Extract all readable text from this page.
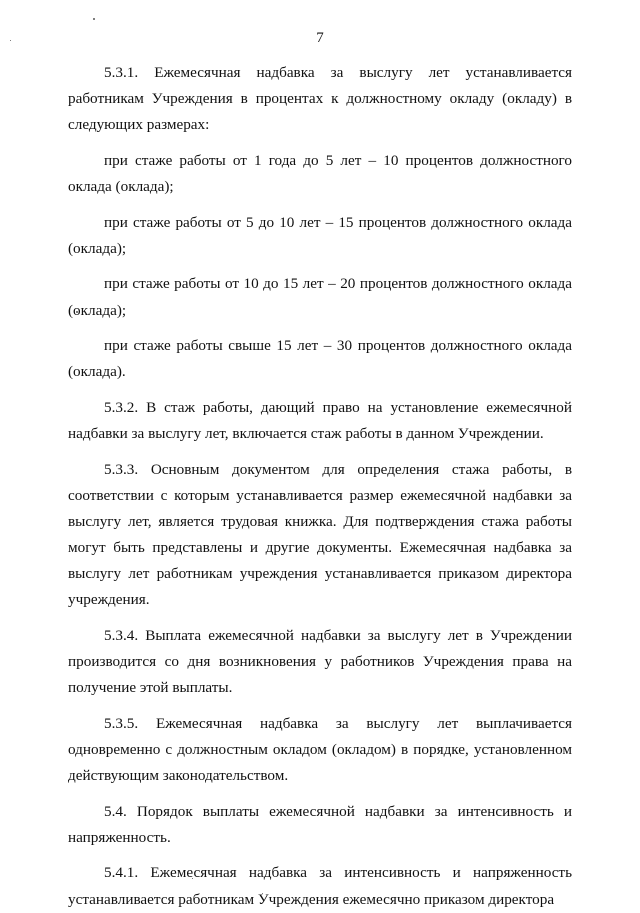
7

5.3.1. Ежемесячная надбавка за выслугу лет устанавливается работникам Учреждения в процентах к должностному окладу (окладу) в следующих размерах:

при стаже работы от 1 года до 5 лет – 10 процентов должностного оклада (оклада);

при стаже работы от 5 до 10 лет – 15 процентов должностного оклада (оклада);

при стаже работы от 10 до 15 лет – 20 процентов должностного оклада (оклада);

при стаже работы свыше 15 лет – 30 процентов должностного оклада (оклада).

5.3.2. В стаж работы, дающий право на установление ежемесячной надбавки за выслугу лет, включается стаж работы в данном Учреждении.

5.3.3. Основным документом для определения стажа работы, в соответствии с которым устанавливается размер ежемесячной надбавки за выслугу лет, является трудовая книжка. Для подтверждения стажа работы могут быть представлены и другие документы. Ежемесячная надбавка за выслугу лет работникам учреждения устанавливается приказом директора учреждения.

5.3.4. Выплата ежемесячной надбавки за выслугу лет в Учреждении производится со дня возникновения у работников Учреждения права на получение этой выплаты.

5.3.5. Ежемесячная надбавка за выслугу лет выплачивается одновременно с должностным окладом (окладом) в порядке, установленном действующим законодательством.

5.4. Порядок выплаты ежемесячной надбавки за интенсивность и напряженность.

5.4.1. Ежемесячная надбавка за интенсивность и напряженность устанавливается работникам Учреждения ежемесячно приказом директора
